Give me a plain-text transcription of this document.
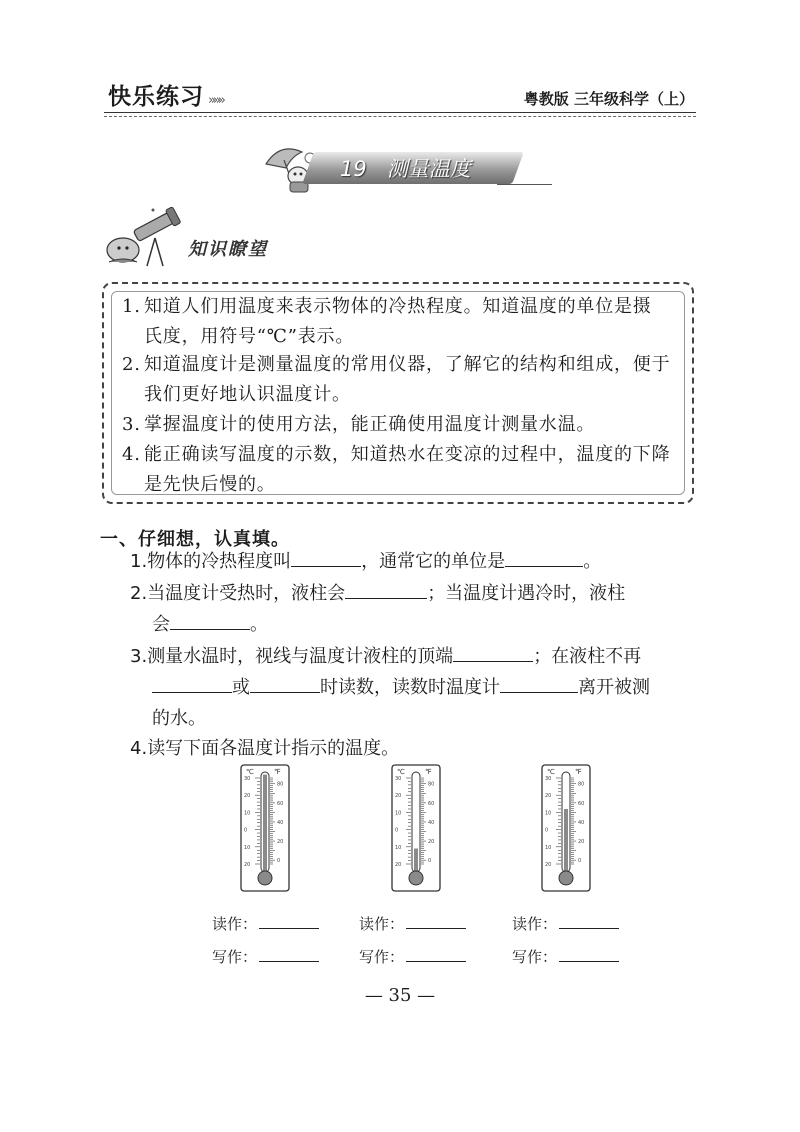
快乐练习 »»»	粤教版 三年级科学（上）
19 测量温度
知识瞭望
1. 知道人们用温度来表示物体的冷热程度。知道温度的单位是摄
氏度，用符号“℃”表示。
2. 知道温度计是测量温度的常用仪器，了解它的结构和组成，便于
我们更好地认识温度计。
3. 掌握温度计的使用方法，能正确使用温度计测量水温。
4. 能正确读写温度的示数，知道热水在变凉的过程中，温度的下降
是先快后慢的。
一、仔细想，认真填。
1.物体的冷热程度叫	，通常它的单位是	。
2.当温度计受热时，液柱会	；当温度计遇冷时，液柱
会	。
3.测量水温时，视线与温度计液柱的顶端	；在液柱不再
或	时读数，读数时温度计	离开被测
的水。
4.读写下面各温度计指示的温度。
℃	℉
20
10
0
10
20
30
0
20
40
60
80
℃	℉
20
10
0
10
20
30
0
20
40
60
80
℃	℉
20
10
0
10
20
30
0
20
40
60
80
读作：	读作：	读作：
写作：	写作：	写作：
— 35 —
